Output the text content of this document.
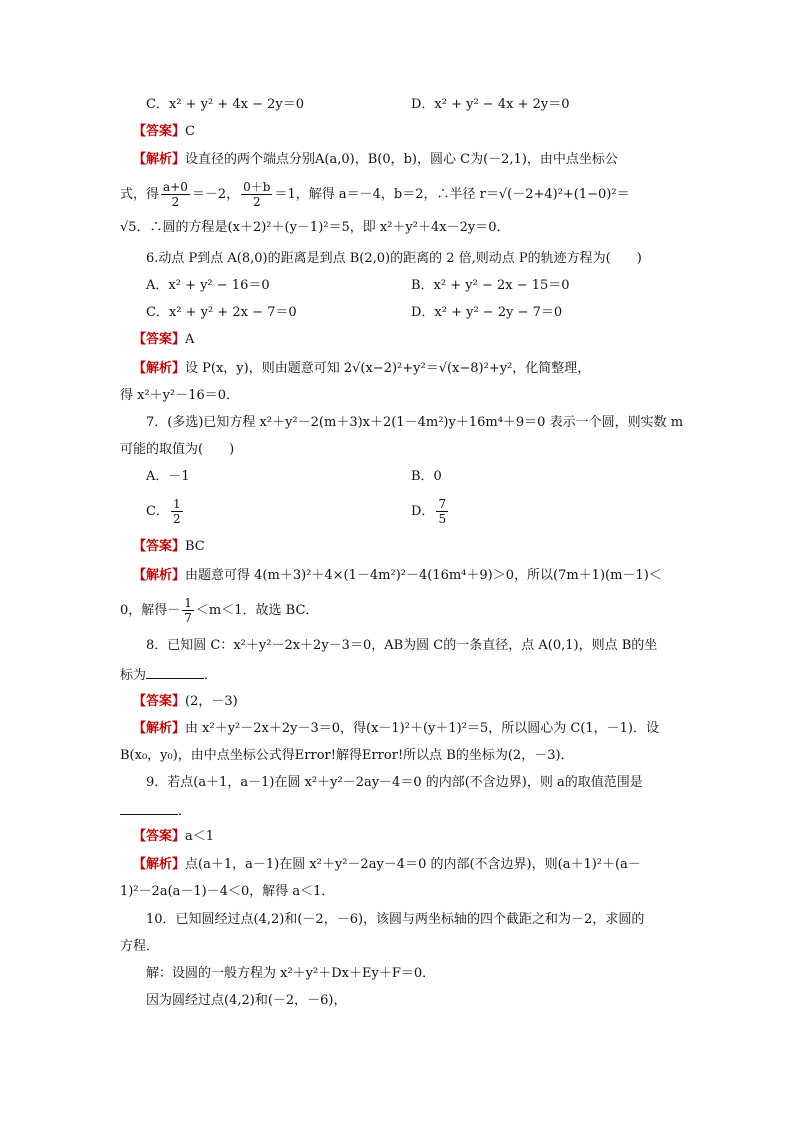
C．x² + y² + 4x − 2y＝0	D．x² + y² − 4x + 2y＝0
【答案】C
【解析】设直径的两个端点分别A(a,0)，B(0，b)，圆心 C为(－2,1)，由中点坐标公
式，得 $\frac{a+0}{2} =-2$， $\frac{0+b}{2} =1$，解得 a＝－4，b＝2，∴半径 r＝√(－2+4)²+(1−0)²＝
√5．∴圆的方程是(x＋2)²＋(y－1)²＝5，即 x²＋y²＋4x－2y＝0．
6.动点 P到点 A(8,0)的距离是到点 B(2,0)的距离的 2 倍,则动点 P的轨迹方程为(　　)
A．x² + y² − 16＝0	B．x² + y² − 2x − 15＝0
C．x² + y² + 2x − 7＝0	D．x² + y² − 2y − 7＝0
【答案】A
【解析】设 P(x，y)，则由题意可知 2√(x−2)²+y²＝√(x−8)²+y²，化简整理，
得 x²＋y²－16＝0．
7．(多选)已知方程 x²＋y²－2(m＋3)x＋2(1－4m²)y＋16m⁴＋9＝0 表示一个圆，则实数 m
可能的取值为(　　)
A．－1	B．0
C． $\frac{1}{2}$	D． $\frac{7}{5}$
【答案】BC
【解析】由题意可得 4(m＋3)²＋4×(1－4m²)²－4(16m⁴＋9)＞0，所以(7m＋1)(m－1)＜
0，解得－ $\frac{1}{7} <m<1$．故选 BC．
8．已知圆 C：x²＋y²－2x＋2y－3＝0，AB为圆 C的一条直径，点 A(0,1)，则点 B的坐
标为	．
【答案】(2，－3)
【解析】由 x²＋y²－2x＋2y－3＝0，得(x－1)²＋(y＋1)²＝5，所以圆心为 C(1，－1)．设
B(x₀，y₀)，由中点坐标公式得Error!解得Error!所以点 B的坐标为(2，－3)．
9．若点(a＋1，a－1)在圆 x²＋y²－2ay－4＝0 的内部(不含边界)，则 a的取值范围是
．
【答案】a＜1
【解析】点(a＋1，a－1)在圆 x²＋y²－2ay－4＝0 的内部(不含边界)，则(a＋1)²＋(a－
1)²－2a(a－1)－4＜0，解得 a＜1．
10．已知圆经过点(4,2)和(－2，－6)，该圆与两坐标轴的四个截距之和为－2，求圆的
方程．
解：设圆的一般方程为 x²＋y²＋Dx＋Ey＋F＝0．
因为圆经过点(4,2)和(－2，－6)，
